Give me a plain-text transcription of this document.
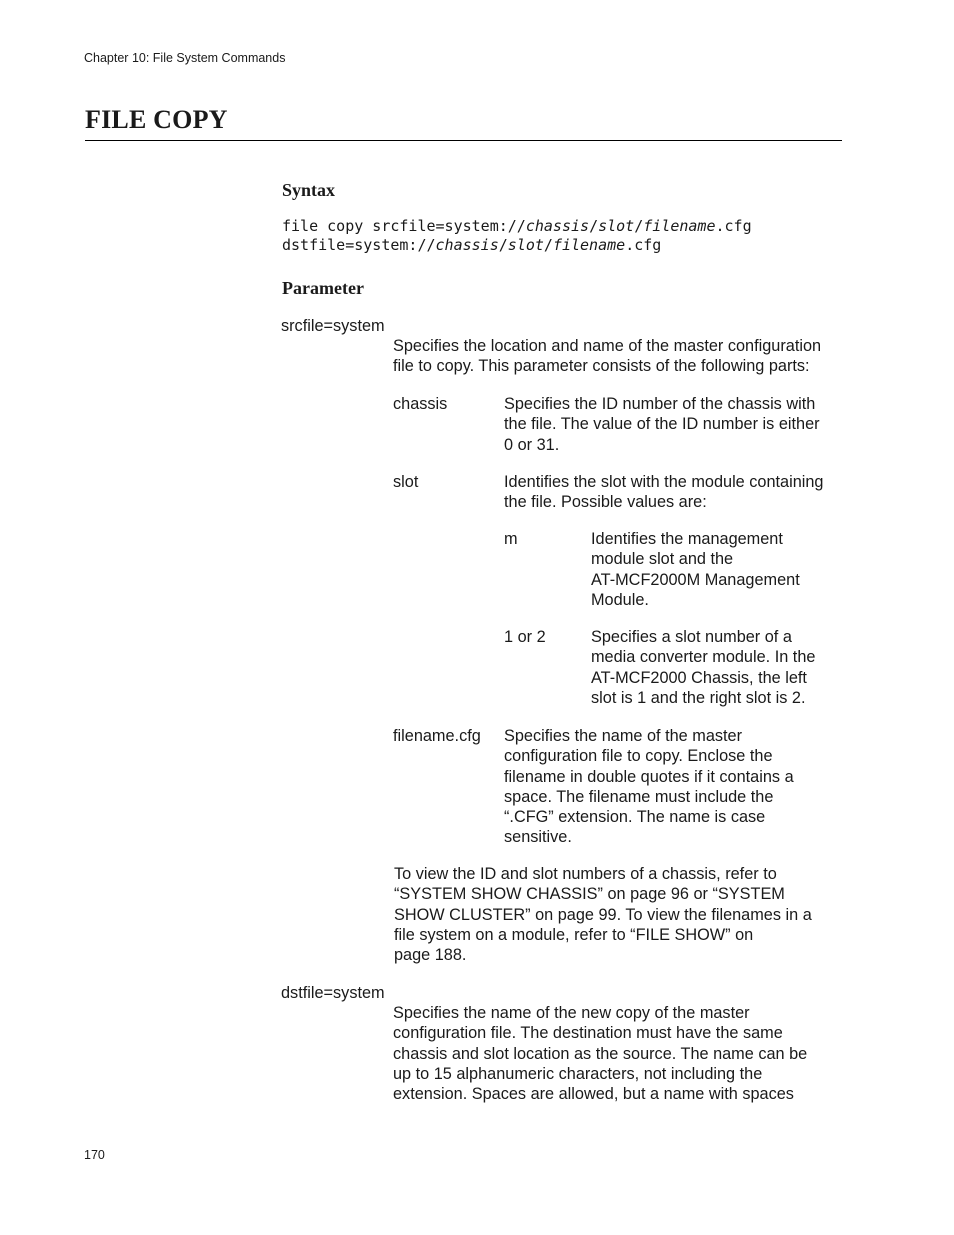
Chapter 10: File System Commands
FILE COPY
Syntax
file copy srcfile=system://chassis/slot/filename.cfg
dstfile=system://chassis/slot/filename.cfg
Parameter
srcfile=system
Specifies the location and name of the master configuration
file to copy. This parameter consists of the following parts:
chassis	Specifies the ID number of the chassis with
the file. The value of the ID number is either
0 or 31.
slot	Identifies the slot with the module containing
the file. Possible values are:
m	Identifies the management
module slot and the
AT-MCF2000M Management
Module.
1 or 2	Specifies a slot number of a
media converter module. In the
AT-MCF2000 Chassis, the left
slot is 1 and the right slot is 2.
filename.cfg Specifies the name of the master
configuration file to copy. Enclose the
filename in double quotes if it contains a
space. The filename must include the
“.CFG” extension. The name is case
sensitive.
To view the ID and slot numbers of a chassis, refer to
“SYSTEM SHOW CHASSIS” on page 96 or “SYSTEM
SHOW CLUSTER” on page 99. To view the filenames in a
file system on a module, refer to “FILE SHOW” on
page 188.
dstfile=system
Specifies the name of the new copy of the master
configuration file. The destination must have the same
chassis and slot location as the source. The name can be
up to 15 alphanumeric characters, not including the
extension. Spaces are allowed, but a name with spaces
170
